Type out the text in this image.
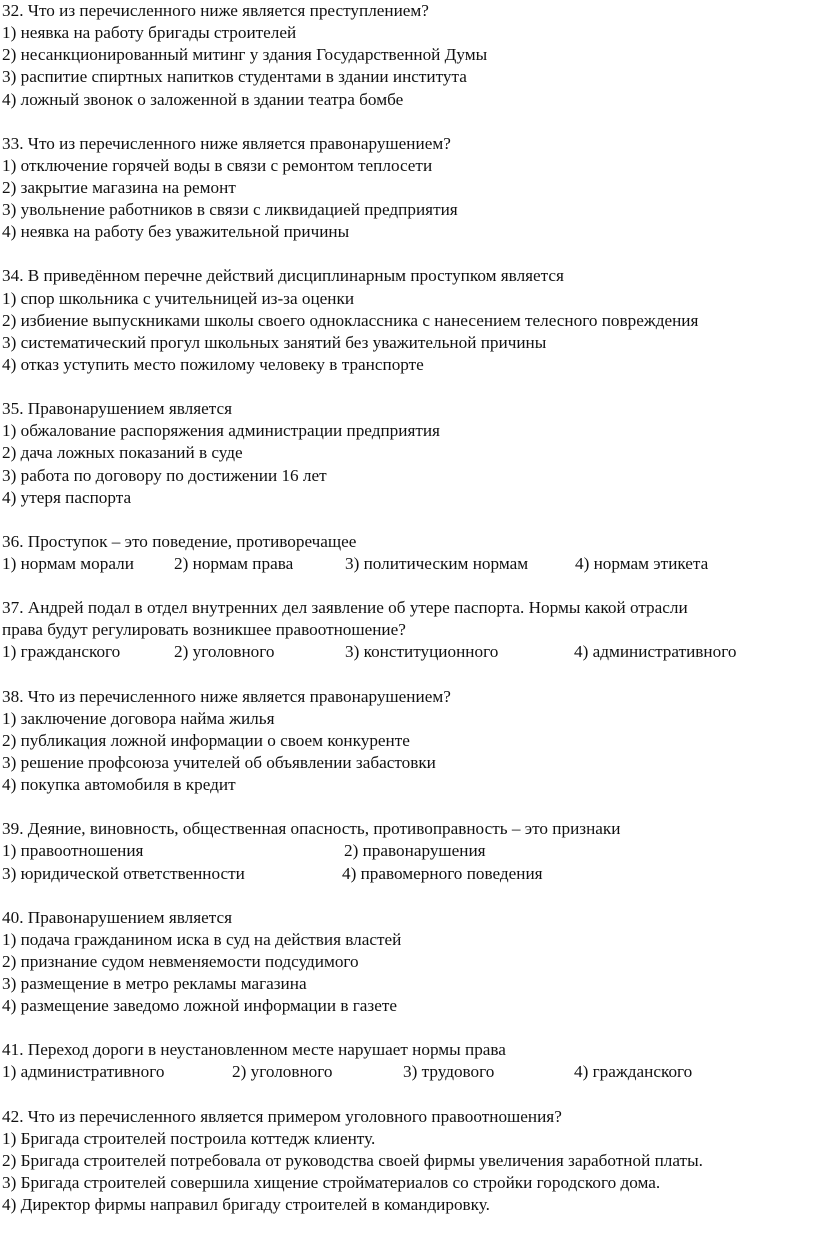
32. Что из перечисленного ниже является преступлением?
1) неявка на работу бригады строителей
2) несанкционированный митинг у здания Государственной Думы
3) распитие спиртных напитков студентами в здании института
4) ложный звонок о заложенной в здании театра бомбе
33. Что из перечисленного ниже является правонарушением?
1) отключение горячей воды в связи с ремонтом теплосети
2) закрытие магазина на ремонт
3) увольнение работников в связи с ликвидацией предприятия
4) неявка на работу без уважительной причины
34. В приведённом перечне действий дисциплинарным проступком является
1) спор школьника с учительницей из-за оценки
2) избиение выпускниками школы своего одноклассника с нанесением телесного повреждения
3) систематический прогул школьных занятий без уважительной причины
4) отказ уступить место пожилому человеку в транспорте
35. Правонарушением является
1) обжалование распоряжения администрации предприятия
2) дача ложных показаний в суде
3) работа по договору по достижении 16 лет
4) утеря паспорта
36. Проступок – это поведение, противоречащее
1) нормам морали 2) нормам права	3) политическим нормам	4) нормам этикета
37. Андрей подал в отдел внутренних дел заявление об утере паспорта. Нормы какой отрасли
права будут регулировать возникшее правоотношение?
1) гражданского	2) уголовного	3) конституционного	4) административного
38. Что из перечисленного ниже является правонарушением?
1) заключение договора найма жилья
2) публикация ложной информации о своем конкуренте
3) решение профсоюза учителей об объявлении забастовки
4) покупка автомобиля в кредит
39. Деяние, виновность, общественная опасность, противоправность – это признаки
1) правоотношения	2) правонарушения
3) юридической ответственности	4) правомерного поведения
40. Правонарушением является
1) подача гражданином иска в суд на действия властей
2) признание судом невменяемости подсудимого
3) размещение в метро рекламы магазина
4) размещение заведомо ложной информации в газете
41. Переход дороги в неустановленном месте нарушает нормы права
1) административного	2) уголовного	3) трудового	4) гражданского
42. Что из перечисленного является примером уголовного правоотношения?
1) Бригада строителей построила коттедж клиенту.
2) Бригада строителей потребовала от руководства своей фирмы увеличения заработной платы.
3) Бригада строителей совершила хищение стройматериалов со стройки городского дома.
4) Директор фирмы направил бригаду строителей в командировку.
